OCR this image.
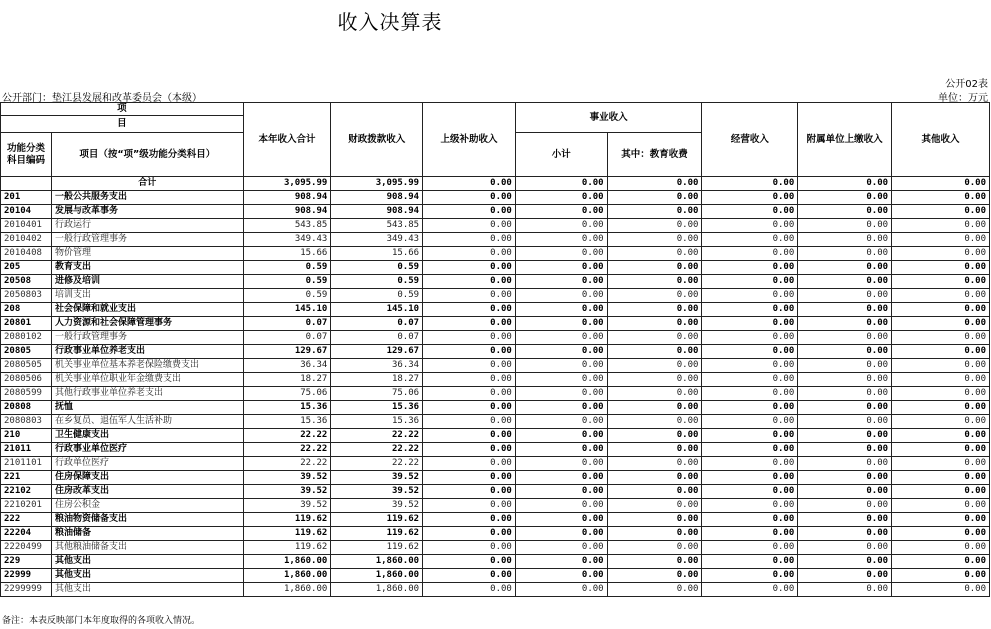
收入决算表
公开02表
公开部门：垫江县发展和改革委员会（本级）	单位：万元
项		本年收入合计	财政拨款收入	上级补助收入	事业收入		经营收入	附属单位上缴收入	其他收入
目									
功能分类科目编码	项目（按“项”级功能分类科目）				小计	其中：教育收费			
	合计	3,095.99	3,095.99	0.00	0.00	0.00	0.00	0.00	0.00
201	一般公共服务支出	908.94	908.94	0.00	0.00	0.00	0.00	0.00	0.00
20104	发展与改革事务	908.94	908.94	0.00	0.00	0.00	0.00	0.00	0.00
2010401	行政运行	543.85	543.85	0.00	0.00	0.00	0.00	0.00	0.00
2010402	一般行政管理事务	349.43	349.43	0.00	0.00	0.00	0.00	0.00	0.00
2010408	物价管理	15.66	15.66	0.00	0.00	0.00	0.00	0.00	0.00
205	教育支出	0.59	0.59	0.00	0.00	0.00	0.00	0.00	0.00
20508	进修及培训	0.59	0.59	0.00	0.00	0.00	0.00	0.00	0.00
2050803	培训支出	0.59	0.59	0.00	0.00	0.00	0.00	0.00	0.00
208	社会保障和就业支出	145.10	145.10	0.00	0.00	0.00	0.00	0.00	0.00
20801	人力资源和社会保障管理事务	0.07	0.07	0.00	0.00	0.00	0.00	0.00	0.00
2080102	一般行政管理事务	0.07	0.07	0.00	0.00	0.00	0.00	0.00	0.00
20805	行政事业单位养老支出	129.67	129.67	0.00	0.00	0.00	0.00	0.00	0.00
2080505	机关事业单位基本养老保险缴费支出	36.34	36.34	0.00	0.00	0.00	0.00	0.00	0.00
2080506	机关事业单位职业年金缴费支出	18.27	18.27	0.00	0.00	0.00	0.00	0.00	0.00
2080599	其他行政事业单位养老支出	75.06	75.06	0.00	0.00	0.00	0.00	0.00	0.00
20808	抚恤	15.36	15.36	0.00	0.00	0.00	0.00	0.00	0.00
2080803	在乡复员、退伍军人生活补助	15.36	15.36	0.00	0.00	0.00	0.00	0.00	0.00
210	卫生健康支出	22.22	22.22	0.00	0.00	0.00	0.00	0.00	0.00
21011	行政事业单位医疗	22.22	22.22	0.00	0.00	0.00	0.00	0.00	0.00
2101101	行政单位医疗	22.22	22.22	0.00	0.00	0.00	0.00	0.00	0.00
221	住房保障支出	39.52	39.52	0.00	0.00	0.00	0.00	0.00	0.00
22102	住房改革支出	39.52	39.52	0.00	0.00	0.00	0.00	0.00	0.00
2210201	住房公积金	39.52	39.52	0.00	0.00	0.00	0.00	0.00	0.00
222	粮油物资储备支出	119.62	119.62	0.00	0.00	0.00	0.00	0.00	0.00
22204	粮油储备	119.62	119.62	0.00	0.00	0.00	0.00	0.00	0.00
2220499	其他粮油储备支出	119.62	119.62	0.00	0.00	0.00	0.00	0.00	0.00
229	其他支出	1,860.00	1,860.00	0.00	0.00	0.00	0.00	0.00	0.00
22999	其他支出	1,860.00	1,860.00	0.00	0.00	0.00	0.00	0.00	0.00
2299999	其他支出	1,860.00	1,860.00	0.00	0.00	0.00	0.00	0.00	0.00
备注：本表反映部门本年度取得的各项收入情况。
